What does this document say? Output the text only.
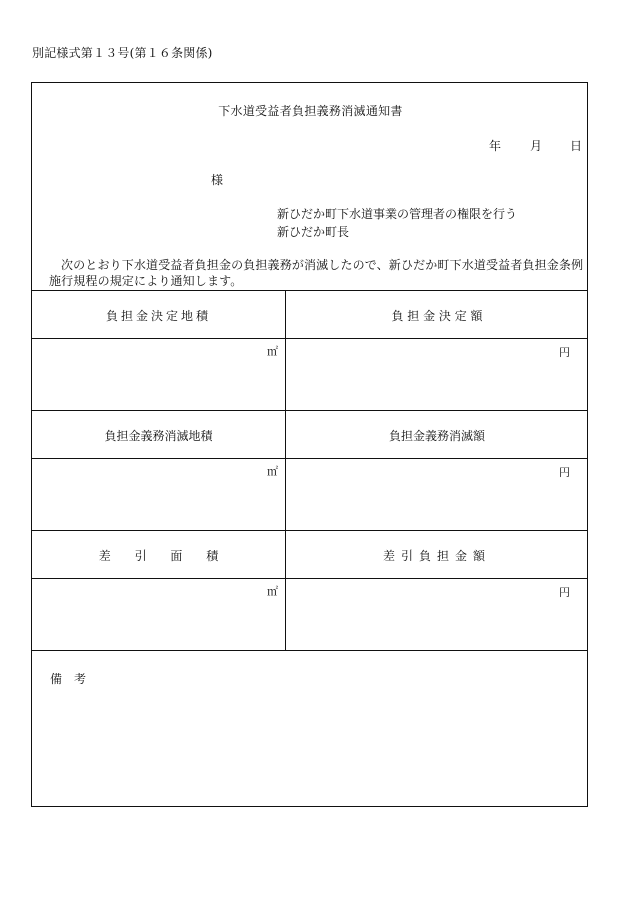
別記様式第１３号(第１６条関係)
下水道受益者負担義務消滅通知書
年 月 日
様
新ひだか町下水道事業の管理者の権限を行う
新ひだか町長
次のとおり下水道受益者負担金の負担義務が消滅したので、新ひだか町下水道受益者負担金条例施行規程の規定により通知します。
負担金決定地積	負 担 金 決 定 額
㎡	円
負担金義務消滅地積	負担金義務消滅額
㎡	円
差 引 面 積	差引負担金額
㎡	円
備考
